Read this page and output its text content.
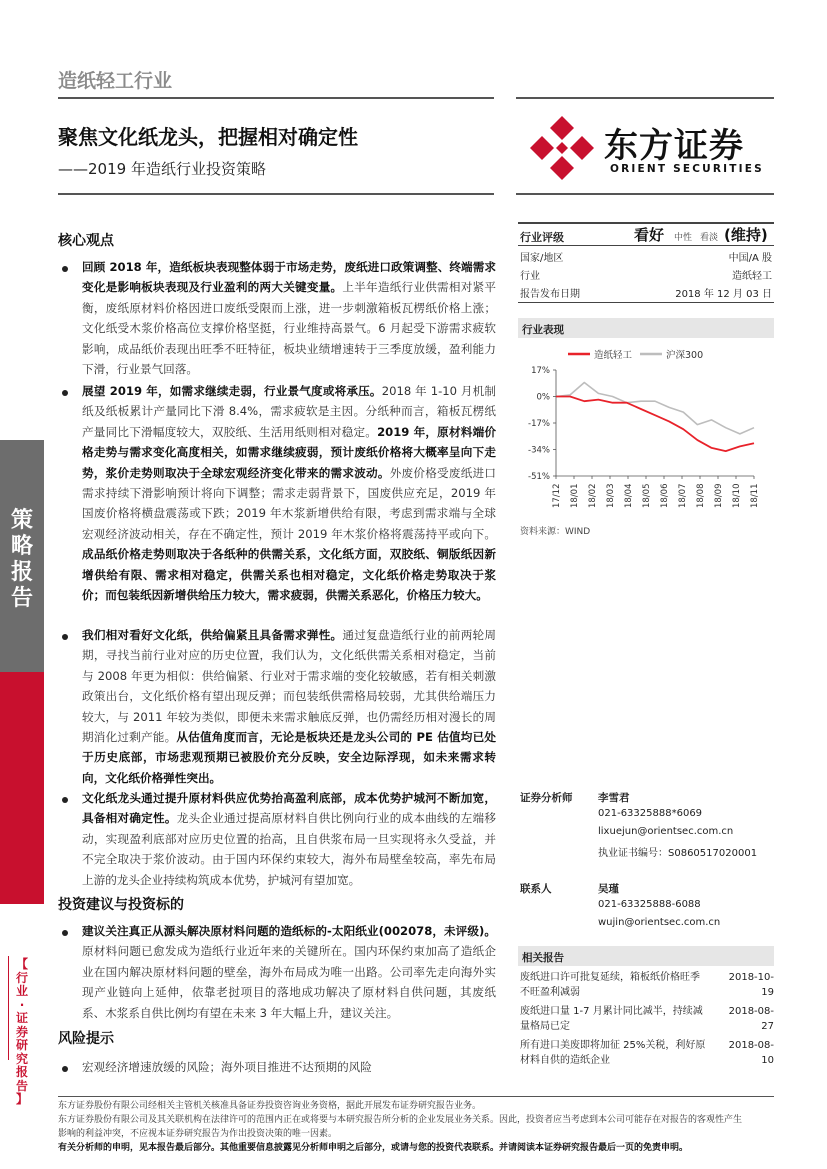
策
略
报
告
【
行
业
·
证
券
研
究
报
告
】
造纸轻工行业
聚焦文化纸龙头，把握相对确定性
——2019 年造纸行业投资策略
东方证券
ORIENT SECURITIES
核心观点
回顾 2018 年，造纸板块表现整体弱于市场走势，废纸进口政策调整、终端需求变化是影响板块表现及行业盈利的两大关键变量。上半年造纸行业供需相对紧平衡，废纸原材料价格因进口废纸受限而上涨，进一步刺激箱板瓦楞纸价格上涨；文化纸受木浆价格高位支撑价格坚挺，行业维持高景气。6 月起受下游需求疲软影响，成品纸价表现出旺季不旺特征，板块业绩增速转于三季度放缓，盈利能力下滑，行业景气回落。
展望 2019 年，如需求继续走弱，行业景气度或将承压。2018 年 1-10 月机制纸及纸板累计产量同比下滑 8.4%，需求疲软是主因。分纸种而言，箱板瓦楞纸产量同比下滑幅度较大，双胶纸、生活用纸则相对稳定。2019 年，原材料端价格走势与需求变化高度相关，如需求继续疲弱，预计废纸价格将大概率呈向下走势，浆价走势则取决于全球宏观经济变化带来的需求波动。外废价格受废纸进口需求持续下滑影响预计将向下调整；需求走弱背景下，国废供应充足，2019 年国废价格将横盘震荡或下跌；2019 年木浆新增供给有限，考虑到需求端与全球宏观经济波动相关，存在不确定性，预计 2019 年木浆价格将震荡持平或向下。成品纸价格走势则取决于各纸种的供需关系，文化纸方面，双胶纸、铜版纸因新增供给有限、需求相对稳定，供需关系也相对稳定，文化纸价格走势取决于浆价；而包装纸因新增供给压力较大，需求疲弱，供需关系恶化，价格压力较大。
我们相对看好文化纸，供给偏紧且具备需求弹性。通过复盘造纸行业的前两轮周期，寻找当前行业对应的历史位置，我们认为，文化纸供需关系相对稳定，当前与 2008 年更为相似：供给偏紧、行业对于需求端的变化较敏感，若有相关刺激政策出台，文化纸价格有望出现反弹；而包装纸供需格局较弱，尤其供给端压力较大，与 2011 年较为类似，即便未来需求触底反弹，也仍需经历相对漫长的周期消化过剩产能。从估值角度而言，无论是板块还是龙头公司的 PE 估值均已处于历史底部，市场悲观预期已被股价充分反映，安全边际浮现，如未来需求转向，文化纸价格弹性突出。
文化纸龙头通过提升原材料供应优势抬高盈利底部，成本优势护城河不断加宽，具备相对确定性。龙头企业通过提高原材料自供比例向行业的成本曲线的左端移动，实现盈利底部对应历史位置的抬高，且自供浆布局一旦实现将永久受益，并不完全取决于浆价波动。由于国内环保约束较大，海外布局壁垒较高，率先布局上游的龙头企业持续构筑成本优势，护城河有望加宽。
投资建议与投资标的
建议关注真正从源头解决原材料问题的造纸标的-太阳纸业(002078，未评级)。原材料问题已愈发成为造纸行业近年来的关键所在。国内环保约束加高了造纸企业在国内解决原材料问题的壁垒，海外布局成为唯一出路。公司率先走向海外实现产业链向上延伸，依靠老挝项目的落地成功解决了原材料自供问题，其废纸系、木浆系自供比例均有望在未来 3 年大幅上升，建议关注。
风险提示
宏观经济增速放缓的风险；海外项目推进不达预期的风险
行业评级	看好 中性 看淡 (维持)
国家/地区	中国/A 股
行业	造纸轻工
报告发布日期	2018 年 12 月 03 日
行业表现
造纸轻工	沪深300
17%
0%
-17%
-34%
-51%
17/12 18/01 18/02 18/03 18/04 18/05 18/06 18/07 18/08 18/09 18/10 18/11
资料来源：WIND
证券分析师 李雪君
021-63325888*6069
lixuejun@orientsec.com.cn
执业证书编号：S0860517020001
联系人	吴瑾
021-63325888-6088
wujin@orientsec.com.cn
相关报告
废纸进口许可批复延续，箱板纸价格旺季
不旺盈利减弱
2018-10-19
废纸进口量 1-7 月累计同比减半，持续减
量格局已定
2018-08-27
所有进口美废即将加征 25%关税，利好原
材料自供的造纸企业
2018-08-10
东方证券股份有限公司经相关主管机关核准具备证券投资咨询业务资格，据此开展发布证券研究报告业务。
东方证券股份有限公司及其关联机构在法律许可的范围内正在或将要与本研究报告所分析的企业发展业务关系。因此，投资者应当考虑到本公司可能存在对报告的客观性产生
影响的利益冲突，不应视本证券研究报告为作出投资决策的唯一因素。
有关分析师的申明，见本报告最后部分。其他重要信息披露见分析师申明之后部分，或请与您的投资代表联系。并请阅读本证券研究报告最后一页的免责申明。
